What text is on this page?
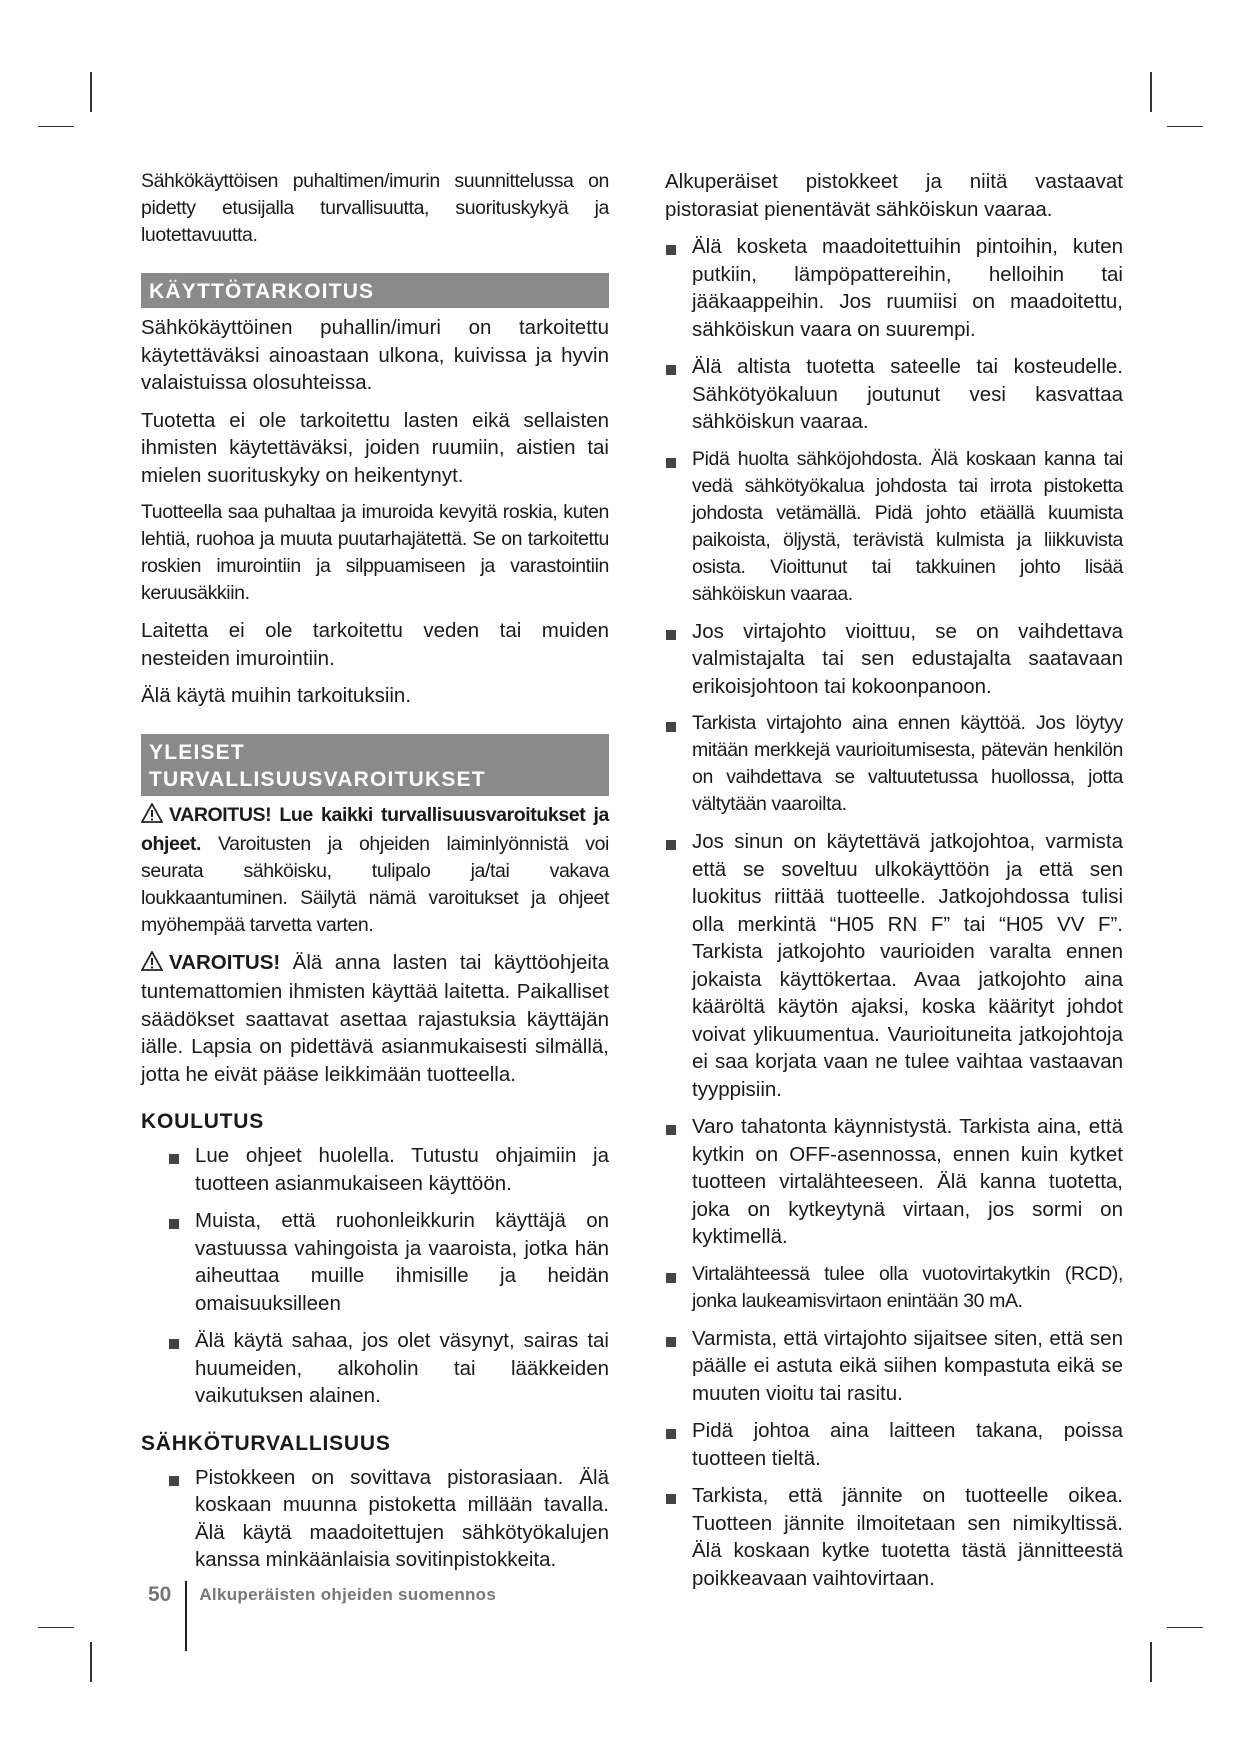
Sähkökäyttöisen puhaltimen/imurin suunnittelussa on pidetty etusijalla turvallisuutta, suorituskykyä ja luotettavuutta.

KÄYTTÖTARKOITUS

Sähkökäyttöinen puhallin/imuri on tarkoitettu käytettäväksi ainoastaan ulkona, kuivissa ja hyvin valaistuissa olosuhteissa.

Tuotetta ei ole tarkoitettu lasten eikä sellaisten ihmisten käytettäväksi, joiden ruumiin, aistien tai mielen suorituskyky on heikentynyt.

Tuotteella saa puhaltaa ja imuroida kevyitä roskia, kuten lehtiä, ruohoa ja muuta puutarhajätettä. Se on tarkoitettu roskien imurointiin ja silppuamiseen ja varastointiin keruusäkkiin.

Laitetta ei ole tarkoitettu veden tai muiden nesteiden imurointiin.

Älä käytä muihin tarkoituksiin.

YLEISET
TURVALLISUUSVAROITUKSET

VAROITUS! Lue kaikki turvallisuusvaroitukset ja ohjeet. Varoitusten ja ohjeiden laiminlyönnistä voi seurata sähköisku, tulipalo ja/tai vakava loukkaantuminen. Säilytä nämä varoitukset ja ohjeet myöhempää tarvetta varten.

VAROITUS! Älä anna lasten tai käyttöohjeita tuntemattomien ihmisten käyttää laitetta. Paikalliset säädökset saattavat asettaa rajastuksia käyttäjän iälle. Lapsia on pidettävä asianmukaisesti silmällä, jotta he eivät pääse leikkimään tuotteella.

KOULUTUS
Lue ohjeet huolella. Tutustu ohjaimiin ja tuotteen asianmukaiseen käyttöön.
Muista, että ruohonleikkurin käyttäjä on vastuussa vahingoista ja vaaroista, jotka hän aiheuttaa muille ihmisille ja heidän omaisuuksilleen
Älä käytä sahaa, jos olet väsynyt, sairas tai huumeiden, alkoholin tai lääkkeiden vaikutuksen alainen.
SÄHKÖTURVALLISUUS
Pistokkeen on sovittava pistorasiaan. Älä koskaan muunna pistoketta millään tavalla. Älä käytä maadoitettujen sähkötyökalujen kanssa minkäänlaisia sovitinpistokkeita.

Alkuperäiset pistokkeet ja niitä vastaavat pistorasiat pienentävät sähköiskun vaaraa.

Älä kosketa maadoitettuihin pintoihin, kuten putkiin, lämpöpattereihin, helloihin tai jääkaappeihin. Jos ruumiisi on maadoitettu, sähköiskun vaara on suurempi.
Älä altista tuotetta sateelle tai kosteudelle. Sähkötyökaluun joutunut vesi kasvattaa sähköiskun vaaraa.
Pidä huolta sähköjohdosta. Älä koskaan kanna tai vedä sähkötyökalua johdosta tai irrota pistoketta johdosta vetämällä. Pidä johto etäällä kuumista paikoista, öljystä, terävistä kulmista ja liikkuvista osista. Vioittunut tai takkuinen johto lisää sähköiskun vaaraa.
Jos virtajohto vioittuu, se on vaihdettava valmistajalta tai sen edustajalta saatavaan erikoisjohtoon tai kokoonpanoon.
Tarkista virtajohto aina ennen käyttöä. Jos löytyy mitään merkkejä vaurioitumisesta, pätevän henkilön on vaihdettava se valtuutetussa huollossa, jotta vältytään vaaroilta.
Jos sinun on käytettävä jatkojohtoa, varmista että se soveltuu ulkokäyttöön ja että sen luokitus riittää tuotteelle. Jatkojohdossa tulisi olla merkintä “H05 RN F” tai “H05 VV F”. Tarkista jatkojohto vaurioiden varalta ennen jokaista käyttökertaa. Avaa jatkojohto aina kääröltä käytön ajaksi, koska käärityt johdot voivat ylikuumentua. Vaurioituneita jatkojohtoja ei saa korjata vaan ne tulee vaihtaa vastaavan tyyppisiin.
Varo tahatonta käynnistystä. Tarkista aina, että kytkin on OFF-asennossa, ennen kuin kytket tuotteen virtalähteeseen. Älä kanna tuotetta, joka on kytkeytynä virtaan, jos sormi on kyktimellä.
Virtalähteessä tulee olla vuotovirtakytkin (RCD), jonka laukeamisvirtaon enintään 30 mA.
Varmista, että virtajohto sijaitsee siten, että sen päälle ei astuta eikä siihen kompastuta eikä se muuten vioitu tai rasitu.
Pidä johtoa aina laitteen takana, poissa tuotteen tieltä.
Tarkista, että jännite on tuotteelle oikea. Tuotteen jännite ilmoitetaan sen nimikyltissä. Älä koskaan kytke tuotetta tästä jännitteestä poikkeavaan vaihtovirtaan.
50 Alkuperäisten ohjeiden suomennos
